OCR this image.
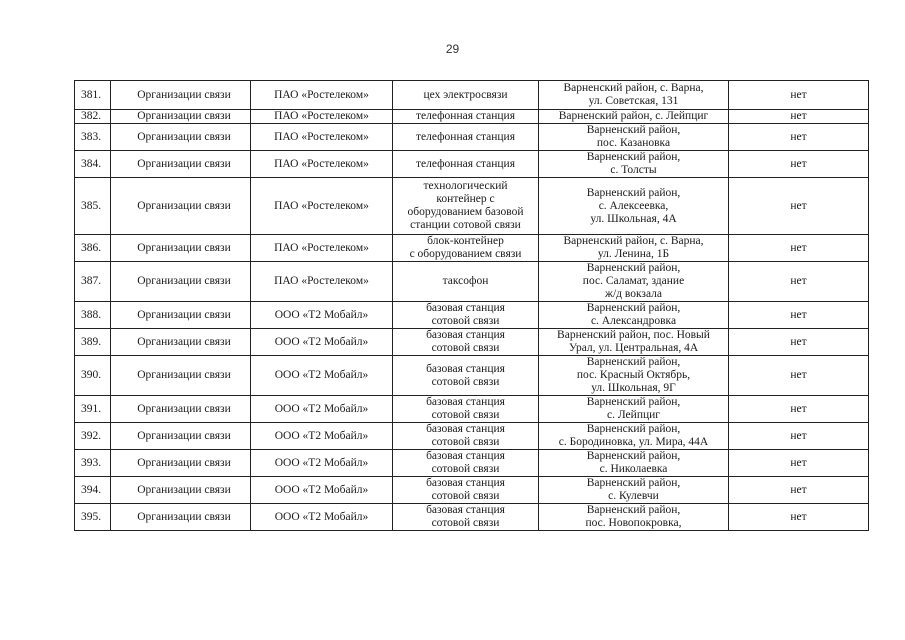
29
381.	Организации связи	ПАО «Ростелеком»	цех электросвязи	Варненский район, с. Варна,
ул. Советская, 131	нет
382.	Организации связи	ПАО «Ростелеком»	телефонная станция	Варненский район, с. Лейпциг	нет
383.	Организации связи	ПАО «Ростелеком»	телефонная станция	Варненский район,
пос. Казановка	нет
384.	Организации связи	ПАО «Ростелеком»	телефонная станция	Варненский район,
с. Толсты	нет
385.	Организации связи	ПАО «Ростелеком»	технологический
контейнер с
оборудованием базовой
станции сотовой связи	Варненский район,
с. Алексеевка,
ул. Школьная, 4А	нет
386.	Организации связи	ПАО «Ростелеком»	блок-контейнер
с оборудованием связи	Варненский район, с. Варна,
ул. Ленина, 1Б	нет
387.	Организации связи	ПАО «Ростелеком»	таксофон	Варненский район,
пос. Саламат, здание
ж/д вокзала	нет
388.	Организации связи	ООО «Т2 Мобайл»	базовая станция
сотовой связи	Варненский район,
с. Александровка	нет
389.	Организации связи	ООО «Т2 Мобайл»	базовая станция
сотовой связи	Варненский район, пос. Новый
Урал, ул. Центральная, 4А	нет
390.	Организации связи	ООО «Т2 Мобайл»	базовая станция
сотовой связи	Варненский район,
пос. Красный Октябрь,
ул. Школьная, 9Г	нет
391.	Организации связи	ООО «Т2 Мобайл»	базовая станция
сотовой связи	Варненский район,
с. Лейпциг	нет
392.	Организации связи	ООО «Т2 Мобайл»	базовая станция
сотовой связи	Варненский район,
с. Бородиновка, ул. Мира, 44А	нет
393.	Организации связи	ООО «Т2 Мобайл»	базовая станция
сотовой связи	Варненский район,
с. Николаевка	нет
394.	Организации связи	ООО «Т2 Мобайл»	базовая станция
сотовой связи	Варненский район,
с. Кулевчи	нет
395.	Организации связи	ООО «Т2 Мобайл»	базовая станция
сотовой связи	Варненский район,
пос. Новопокровка,	нет
